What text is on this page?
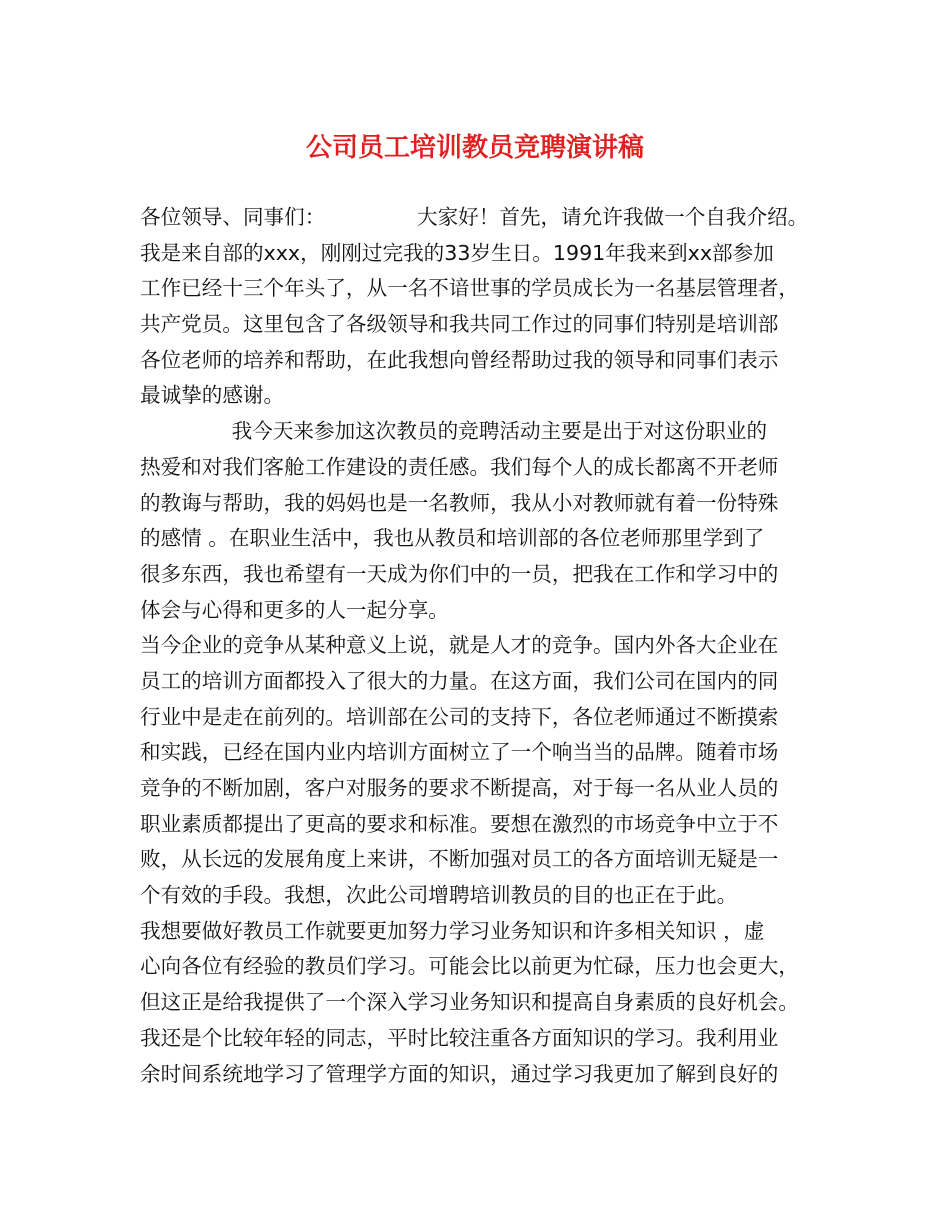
公司员工培训教员竞聘演讲稿
各位领导、同事们：              大家好！首先，请允许我做一个自我介绍。
我是来自部的xxx，刚刚过完我的33岁生日。1991年我来到xx部参加
工作已经十三个年头了，从一名不谙世事的学员成长为一名基层管理者，
共产党员。这里包含了各级领导和我共同工作过的同事们特别是培训部
各位老师的培养和帮助，在此我想向曾经帮助过我的领导和同事们表示
最诚挚的感谢。
我今天来参加这次教员的竞聘活动主要是出于对这份职业的
热爱和对我们客舱工作建设的责任感。我们每个人的成长都离不开老师
的教诲与帮助，我的妈妈也是一名教师，我从小对教师就有着一份特殊
的感情 。在职业生活中，我也从教员和培训部的各位老师那里学到了
很多东西，我也希望有一天成为你们中的一员，把我在工作和学习中的
体会与心得和更多的人一起分享。
当今企业的竞争从某种意义上说，就是人才的竞争。国内外各大企业在
员工的培训方面都投入了很大的力量。在这方面，我们公司在国内的同
行业中是走在前列的。培训部在公司的支持下，各位老师通过不断摸索
和实践，已经在国内业内培训方面树立了一个响当当的品牌。随着市场
竞争的不断加剧，客户对服务的要求不断提高，对于每一名从业人员的
职业素质都提出了更高的要求和标准。要想在激烈的市场竞争中立于不
败，从长远的发展角度上来讲，不断加强对员工的各方面培训无疑是一
个有效的手段。我想，次此公司增聘培训教员的目的也正在于此。
我想要做好教员工作就要更加努力学习业务知识和许多相关知识 ，虚
心向各位有经验的教员们学习。可能会比以前更为忙碌，压力也会更大，
但这正是给我提供了一个深入学习业务知识和提高自身素质的良好机会。
我还是个比较年轻的同志，平时比较注重各方面知识的学习。我利用业
余时间系统地学习了管理学方面的知识，通过学习我更加了解到良好的
